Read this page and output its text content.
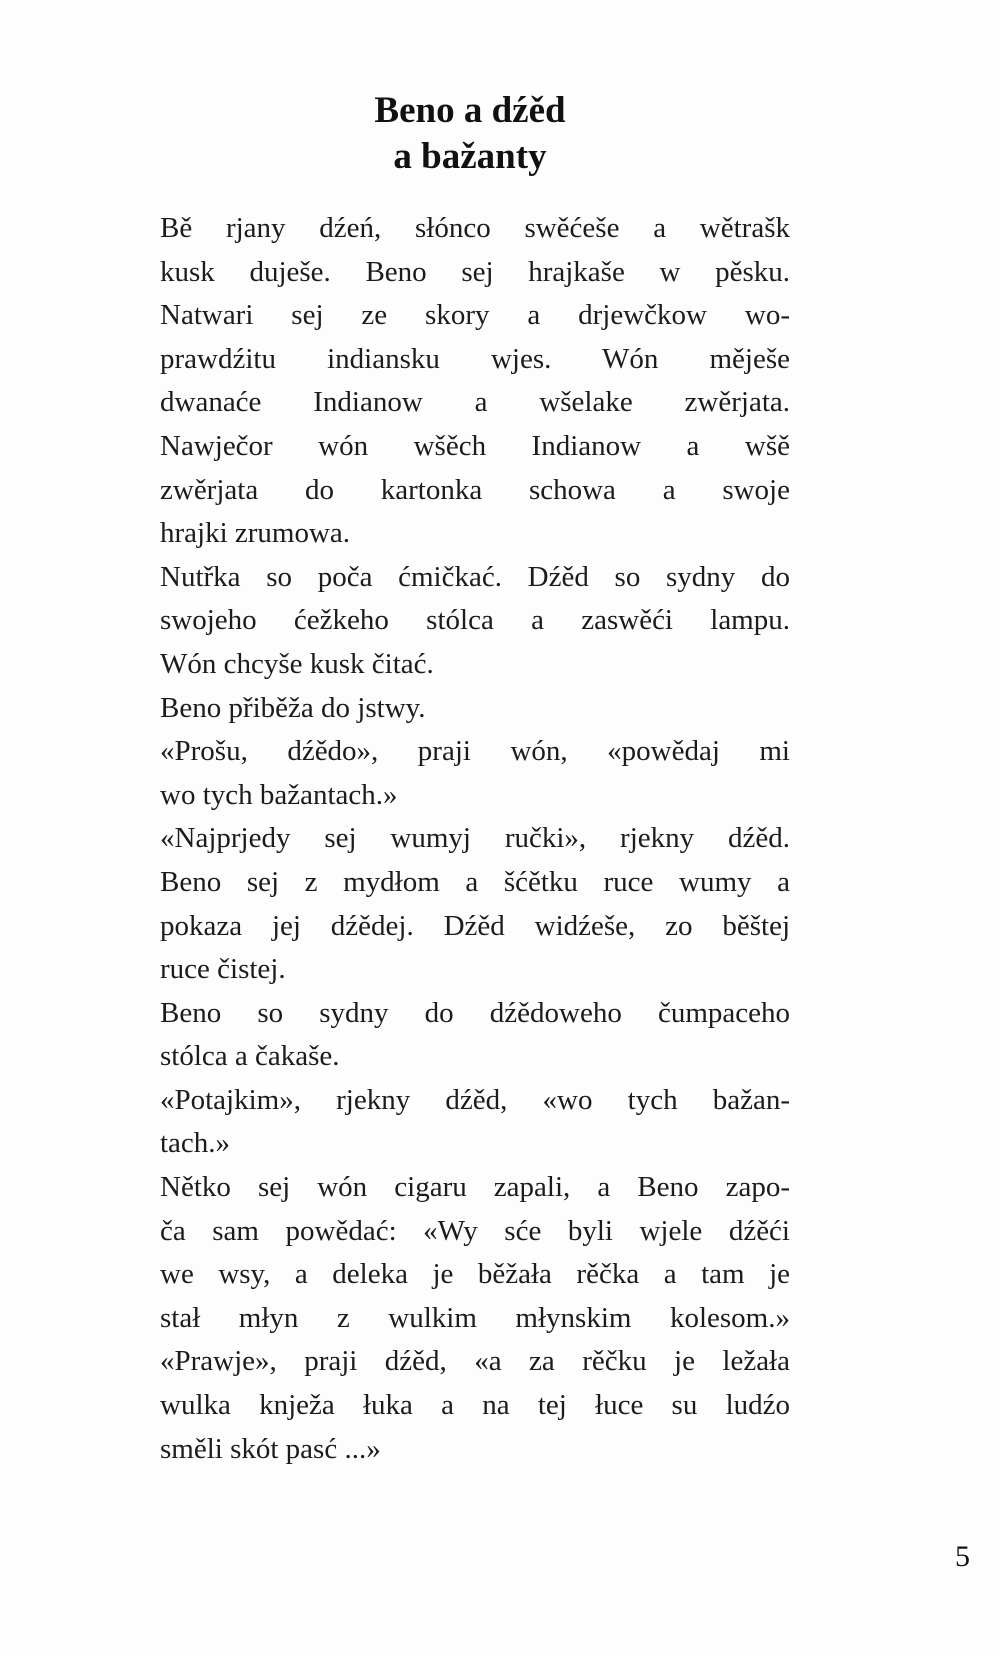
Beno a dźěd
a bažanty
Bě rjany dźeń, słónco swěćeše a wětrašk
kusk duješe. Beno sej hrajkaše w pěsku.
Natwari sej ze skory a drjewčkow wo-
prawdźitu indiansku wjes. Wón měješe
dwanaće Indianow a wšelake zwěrjata.
Nawječor wón wšěch Indianow a wšě
zwěrjata do kartonka schowa a swoje
hrajki zrumowa.
Nutřka so poča ćmičkać. Dźěd so sydny do
swojeho ćežkeho stólca a zaswěći lampu.
Wón chcyše kusk čitać.
Beno přiběža do jstwy.
«Prošu, dźědo», praji wón, «powědaj mi
wo tych bažantach.»
«Najprjedy sej wumyj ručki», rjekny dźěd.
Beno sej z mydłom a šćětku ruce wumy a
pokaza jej dźědej. Dźěd widźeše, zo běštej
ruce čistej.
Beno so sydny do dźědoweho čumpaceho
stólca a čakaše.
«Potajkim», rjekny dźěd, «wo tych bažan-
tach.»
Nětko sej wón cigaru zapali, a Beno zapo-
ča sam powědać: «Wy sće byli wjele dźěći
we wsy, a deleka je běžała rěčka a tam je
stał młyn z wulkim młynskim kolesom.»
«Prawje», praji dźěd, «a za rěčku je ležała
wulka knježa łuka a na tej łuce su ludźo
směli skót pasć ...»
5
